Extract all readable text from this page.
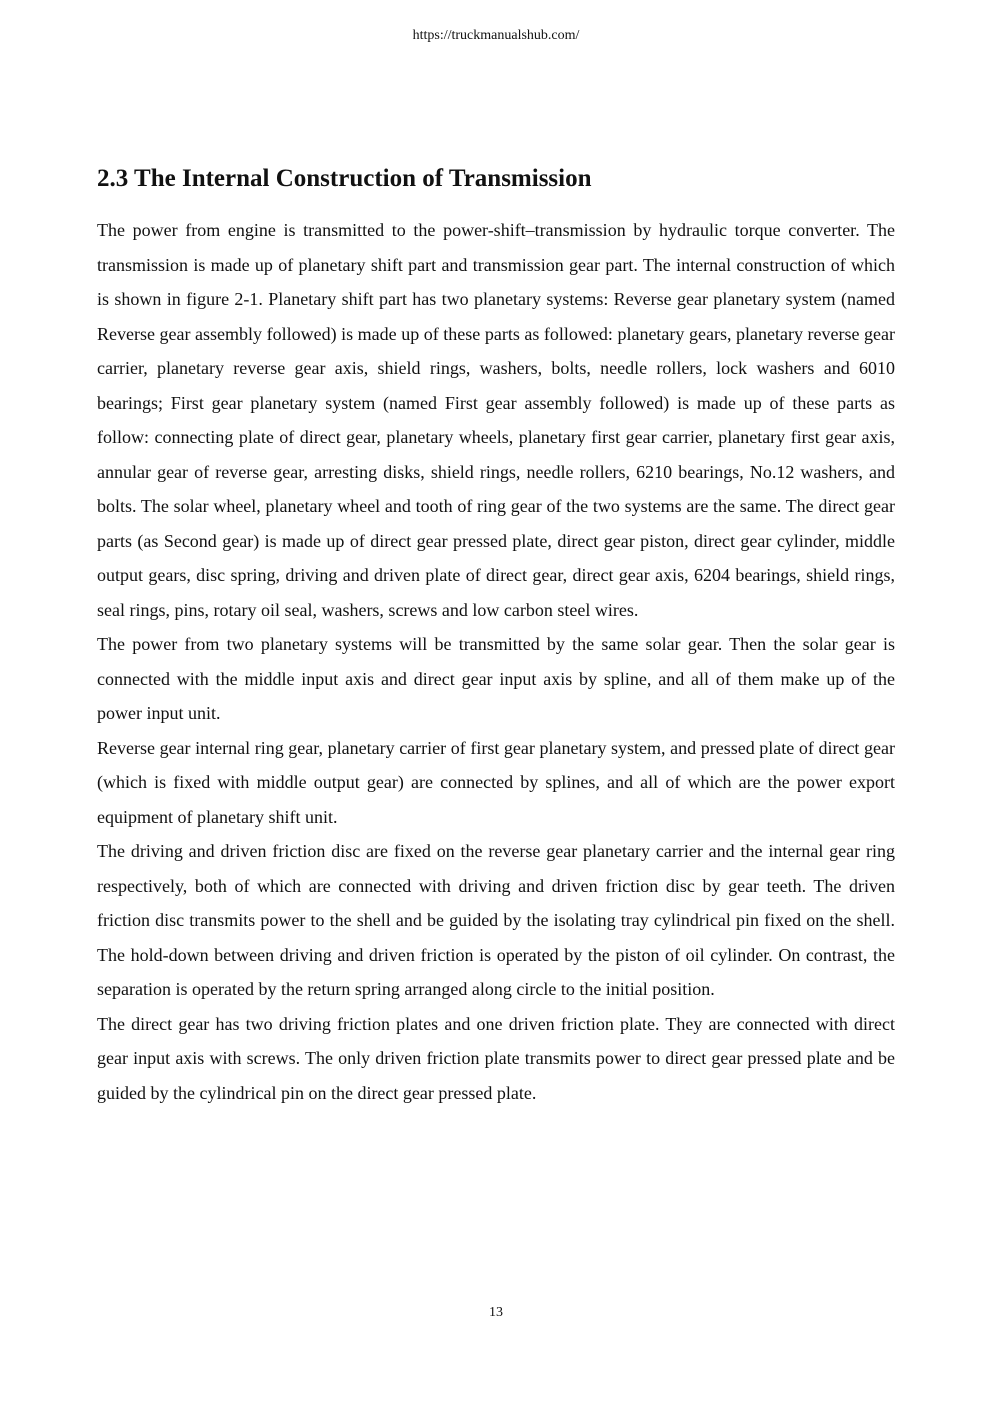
https://truckmanualshub.com/
2.3 The Internal Construction of Transmission

The power from engine is transmitted to the power-shift–transmission by hydraulic torque converter. The transmission is made up of planetary shift part and transmission gear part. The internal construction of which is shown in figure 2-1. Planetary shift part has two planetary systems: Reverse gear planetary system (named Reverse gear assembly followed) is made up of these parts as followed: planetary gears, planetary reverse gear carrier, planetary reverse gear axis, shield rings, washers, bolts, needle rollers, lock washers and 6010 bearings; First gear planetary system (named First gear assembly followed) is made up of these parts as follow: connecting plate of direct gear, planetary wheels, planetary first gear carrier, planetary first gear axis, annular gear of reverse gear, arresting disks, shield rings, needle rollers, 6210 bearings, No.12 washers, and bolts. The solar wheel, planetary wheel and tooth of ring gear of the two systems are the same. The direct gear parts (as Second gear) is made up of direct gear pressed plate, direct gear piston, direct gear cylinder, middle output gears, disc spring, driving and driven plate of direct gear, direct gear axis, 6204 bearings, shield rings, seal rings, pins, rotary oil seal, washers, screws and low carbon steel wires.

The power from two planetary systems will be transmitted by the same solar gear. Then the solar gear is connected with the middle input axis and direct gear input axis by spline, and all of them make up of the power input unit.

Reverse gear internal ring gear, planetary carrier of first gear planetary system, and pressed plate of direct gear (which is fixed with middle output gear) are connected by splines, and all of which are the power export equipment of planetary shift unit.

The driving and driven friction disc are fixed on the reverse gear planetary carrier and the internal gear ring respectively, both of which are connected with driving and driven friction disc by gear teeth. The driven friction disc transmits power to the shell and be guided by the isolating tray cylindrical pin fixed on the shell. The hold-down between driving and driven friction is operated by the piston of oil cylinder. On contrast, the separation is operated by the return spring arranged along circle to the initial position.

The direct gear has two driving friction plates and one driven friction plate. They are connected with direct gear input axis with screws. The only driven friction plate transmits power to direct gear pressed plate and be guided by the cylindrical pin on the direct gear pressed plate.

13
